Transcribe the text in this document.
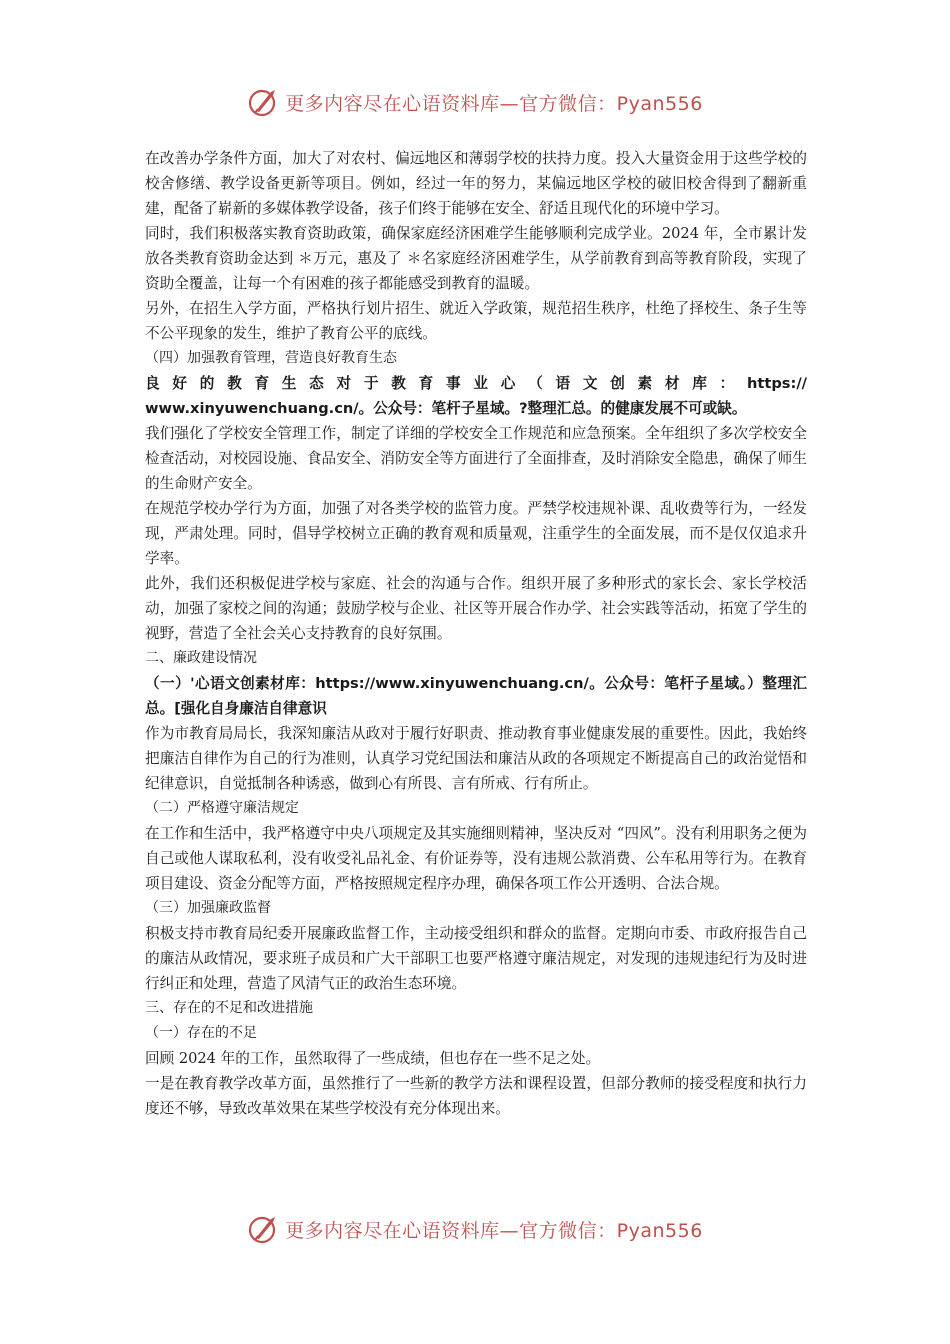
更多内容尽在心语资料库—官方微信：Pyan556

在改善办学条件方面，加大了对农村、偏远地区和薄弱学校的扶持力度。投入大量资金用于这些学校的校舍修缮、教学设备更新等项目。例如，经过一年的努力，某偏远地区学校的破旧校舍得到了翻新重建，配备了崭新的多媒体教学设备，孩子们终于能够在安全、舒适且现代化的环境中学习。

同时，我们积极落实教育资助政策，确保家庭经济困难学生能够顺利完成学业。2024 年，全市累计发放各类教育资助金达到 ＊万元，惠及了 ＊名家庭经济困难学生，从学前教育到高等教育阶段，实现了资助全覆盖，让每一个有困难的孩子都能感受到教育的温暖。

另外，在招生入学方面，严格执行划片招生、就近入学政策，规范招生秩序，杜绝了择校生、条子生等不公平现象的发生，维护了教育公平的底线。

（四）加强教育管理，营造良好教育生态

良好的教育生态对于教育事业心（语文创素材库：https://

www.xinyuwenchuang.cn/。公众号：笔杆子星域。?整理汇总。的健康发展不可或缺。

我们强化了学校安全管理工作，制定了详细的学校安全工作规范和应急预案。全年组织了多次学校安全检查活动，对校园设施、食品安全、消防安全等方面进行了全面排查，及时消除安全隐患，确保了师生的生命财产安全。

在规范学校办学行为方面，加强了对各类学校的监管力度。严禁学校违规补课、乱收费等行为，一经发现，严肃处理。同时，倡导学校树立正确的教育观和质量观，注重学生的全面发展，而不是仅仅追求升学率。

此外，我们还积极促进学校与家庭、社会的沟通与合作。组织开展了多种形式的家长会、家长学校活动，加强了家校之间的沟通；鼓励学校与企业、社区等开展合作办学、社会实践等活动，拓宽了学生的视野，营造了全社会关心支持教育的良好氛围。

二、廉政建设情况

（一）'心语文创素材库：https://www.xinyuwenchuang.cn/。公众号：笔杆子星域。）整理汇总。[强化自身廉洁自律意识

作为市教育局局长，我深知廉洁从政对于履行好职责、推动教育事业健康发展的重要性。因此，我始终把廉洁自律作为自己的行为准则，认真学习党纪国法和廉洁从政的各项规定不断提高自己的政治觉悟和纪律意识，自觉抵制各种诱惑，做到心有所畏、言有所戒、行有所止。

（二）严格遵守廉洁规定

在工作和生活中，我严格遵守中央八项规定及其实施细则精神，坚决反对 “四风”。没有利用职务之便为自己或他人谋取私利，没有收受礼品礼金、有价证券等，没有违规公款消费、公车私用等行为。在教育项目建设、资金分配等方面，严格按照规定程序办理，确保各项工作公开透明、合法合规。

（三）加强廉政监督

积极支持市教育局纪委开展廉政监督工作，主动接受组织和群众的监督。定期向市委、市政府报告自己的廉洁从政情况，要求班子成员和广大干部职工也要严格遵守廉洁规定，对发现的违规违纪行为及时进行纠正和处理，营造了风清气正的政治生态环境。

三、存在的不足和改进措施

（一）存在的不足

回顾 2024 年的工作，虽然取得了一些成绩，但也存在一些不足之处。

一是在教育教学改革方面，虽然推行了一些新的教学方法和课程设置，但部分教师的接受程度和执行力度还不够，导致改革效果在某些学校没有充分体现出来。

更多内容尽在心语资料库—官方微信：Pyan556
